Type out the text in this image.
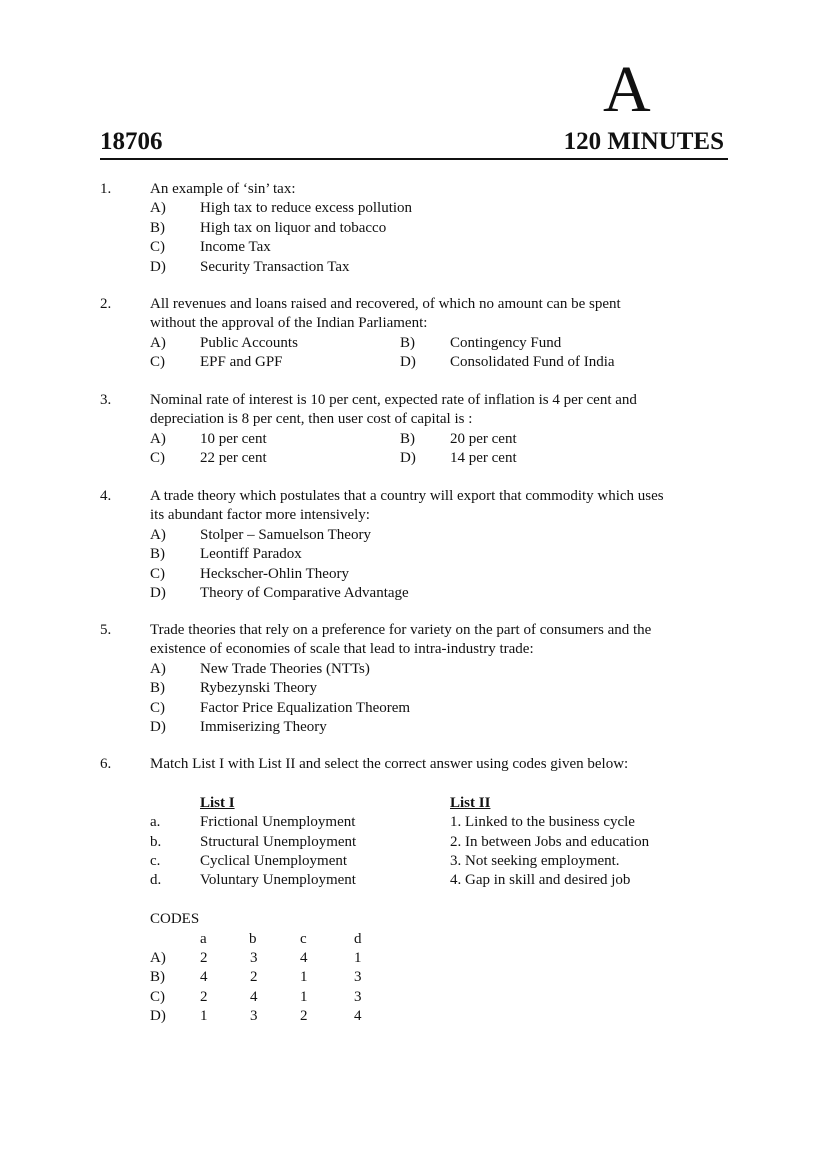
A
18706	120 MINUTES
1.	An example of ‘sin’ tax:
A) High tax to reduce excess pollution
B) High tax on liquor and tobacco
C) Income Tax
D) Security Transaction Tax
2.	All revenues and loans raised and recovered, of which no amount can be spent
without the approval of the Indian Parliament:
A) Public Accounts	B) Contingency Fund
C) EPF and GPF	D) Consolidated Fund of India
3.	Nominal rate of interest is 10 per cent, expected rate of inflation is 4 per cent and
depreciation is 8 per cent, then user cost of capital is :
A) 10 per cent	B) 20 per cent
C) 22 per cent	D) 14 per cent
4.	A trade theory which postulates that a country will export that commodity which uses
its abundant factor more intensively:
A) Stolper – Samuelson Theory
B) Leontiff Paradox
C) Heckscher-Ohlin Theory
D) Theory of Comparative Advantage
5.	Trade theories that rely on a preference for variety on the part of consumers and the
existence of economies of scale that lead to intra-industry trade:
A) New Trade Theories (NTTs)
B) Rybezynski Theory
C) Factor Price Equalization Theorem
D) Immiserizing Theory
6.	Match List I with List II and select the correct answer using codes given below:
List I	List II
a.	Frictional Unemployment	1. Linked to the business cycle
b.	Structural Unemployment	2. In between Jobs and education
c.	Cyclical Unemployment	3. Not seeking employment.
d.	Voluntary Unemployment	4. Gap in skill and desired job
CODES
a	b	c	d
A) 2	3	4	1
B) 4	2	1	3
C) 2	4	1	3
D) 1	3	2	4
